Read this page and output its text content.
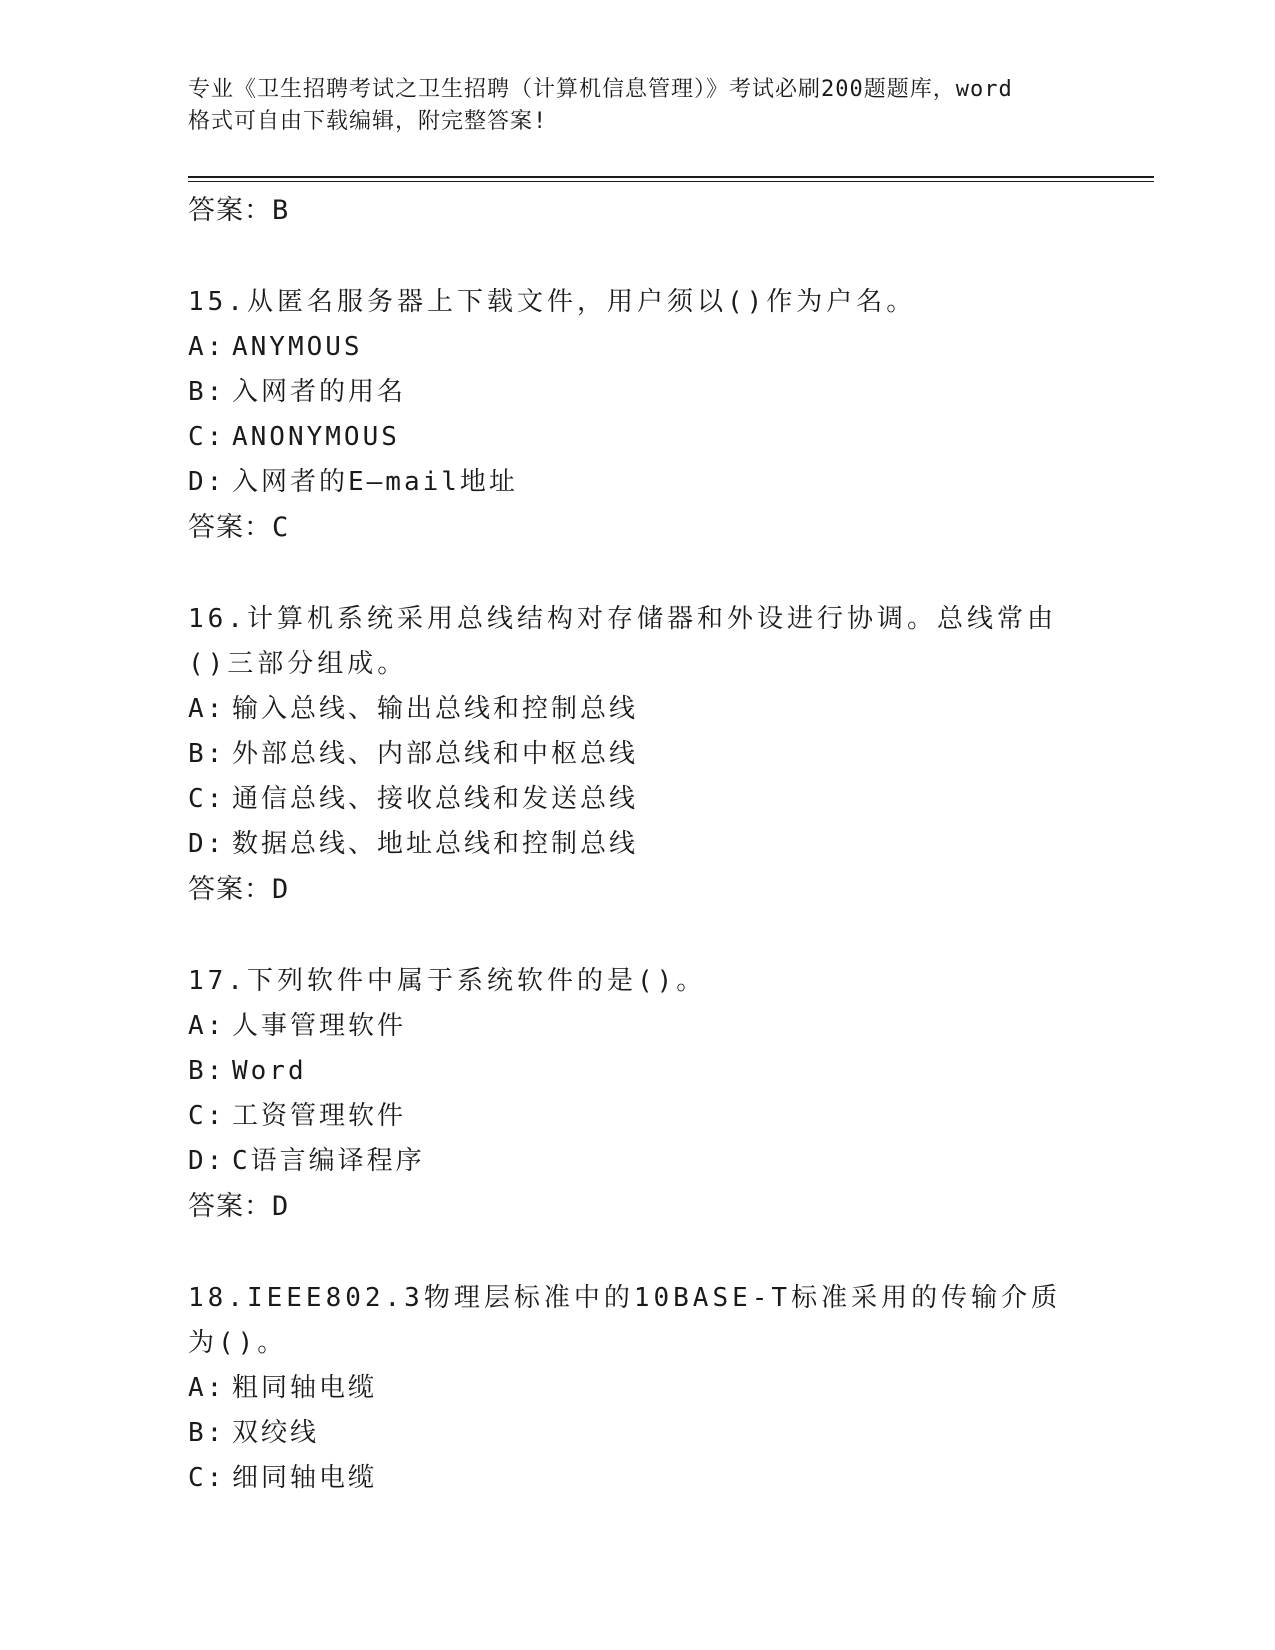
专业《卫生招聘考试之卫生招聘（计算机信息管理）》考试必刷200题题库，word
格式可自由下载编辑，附完整答案!
答案：B
15.从匿名服务器上下载文件，用户须以()作为户名。
A: ANYMOUS
B: 入网者的用名
C: ANONYMOUS
D: 入网者的E—mail地址
答案：C
16.计算机系统采用总线结构对存储器和外设进行协调。总线常由()三部分组成。
A: 输入总线、输出总线和控制总线
B: 外部总线、内部总线和中枢总线
C: 通信总线、接收总线和发送总线
D: 数据总线、地址总线和控制总线
答案：D
17.下列软件中属于系统软件的是()。
A: 人事管理软件
B: Word
C: 工资管理软件
D: C语言编译程序
答案：D
18.IEEE802.3物理层标准中的10BASE-T标准采用的传输介质为()。
A: 粗同轴电缆
B: 双绞线
C: 细同轴电缆
